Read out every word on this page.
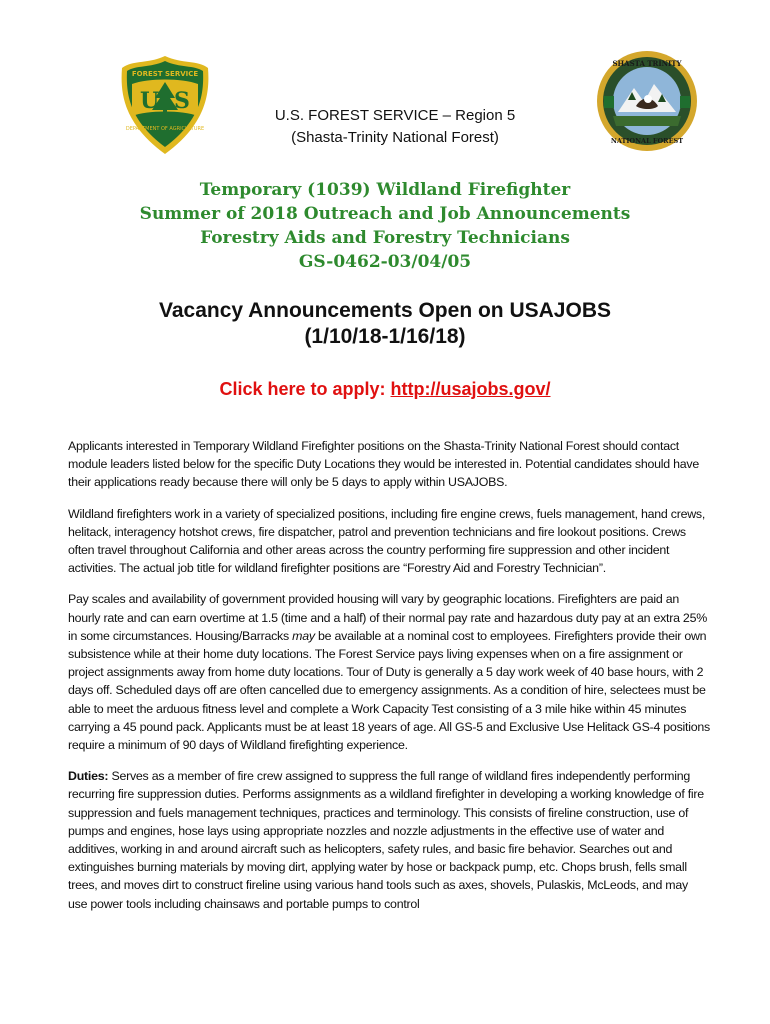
U S
FOREST SERVICE
DEPARTMENT OF AGRICULTURE
SHASTA TRINITY
NATIONAL FOREST
U.S. FOREST SERVICE – Region 5
(Shasta-Trinity National Forest)
Temporary (1039) Wildland Firefighter
Summer of 2018 Outreach and Job Announcements
Forestry Aids and Forestry Technicians
GS-0462-03/04/05
Vacancy Announcements Open on USAJOBS
(1/10/18-1/16/18)
Click here to apply: http://usajobs.gov/

Applicants interested in Temporary Wildland Firefighter positions on the Shasta-Trinity National Forest should contact module leaders listed below for the specific Duty Locations they would be interested in. Potential candidates should have their applications ready because there will only be 5 days to apply within USAJOBS.

Wildland firefighters work in a variety of specialized positions, including fire engine crews, fuels management, hand crews, helitack, interagency hotshot crews, fire dispatcher, patrol and prevention technicians and fire lookout positions. Crews often travel throughout California and other areas across the country performing fire suppression and other incident activities. The actual job title for wildland firefighter positions are “Forestry Aid and Forestry Technician”.

Pay scales and availability of government provided housing will vary by geographic locations. Firefighters are paid an hourly rate and can earn overtime at 1.5 (time and a half) of their normal pay rate and hazardous duty pay at an extra 25% in some circumstances. Housing/Barracks may be available at a nominal cost to employees. Firefighters provide their own subsistence while at their home duty locations. The Forest Service pays living expenses when on a fire assignment or project assignments away from home duty locations. Tour of Duty is generally a 5 day work week of 40 base hours, with 2 days off. Scheduled days off are often cancelled due to emergency assignments. As a condition of hire, selectees must be able to meet the arduous fitness level and complete a Work Capacity Test consisting of a 3 mile hike within 45 minutes carrying a 45 pound pack. Applicants must be at least 18 years of age. All GS-5 and Exclusive Use Helitack GS-4 positions require a minimum of 90 days of Wildland firefighting experience.

Duties: Serves as a member of fire crew assigned to suppress the full range of wildland fires independently performing recurring fire suppression duties. Performs assignments as a wildland firefighter in developing a working knowledge of fire suppression and fuels management techniques, practices and terminology. This consists of fireline construction, use of pumps and engines, hose lays using appropriate nozzles and nozzle adjustments in the effective use of water and additives, working in and around aircraft such as helicopters, safety rules, and basic fire behavior. Searches out and extinguishes burning materials by moving dirt, applying water by hose or backpack pump, etc. Chops brush, fells small trees, and moves dirt to construct fireline using various hand tools such as axes, shovels, Pulaskis, McLeods, and may use power tools including chainsaws and portable pumps to control
